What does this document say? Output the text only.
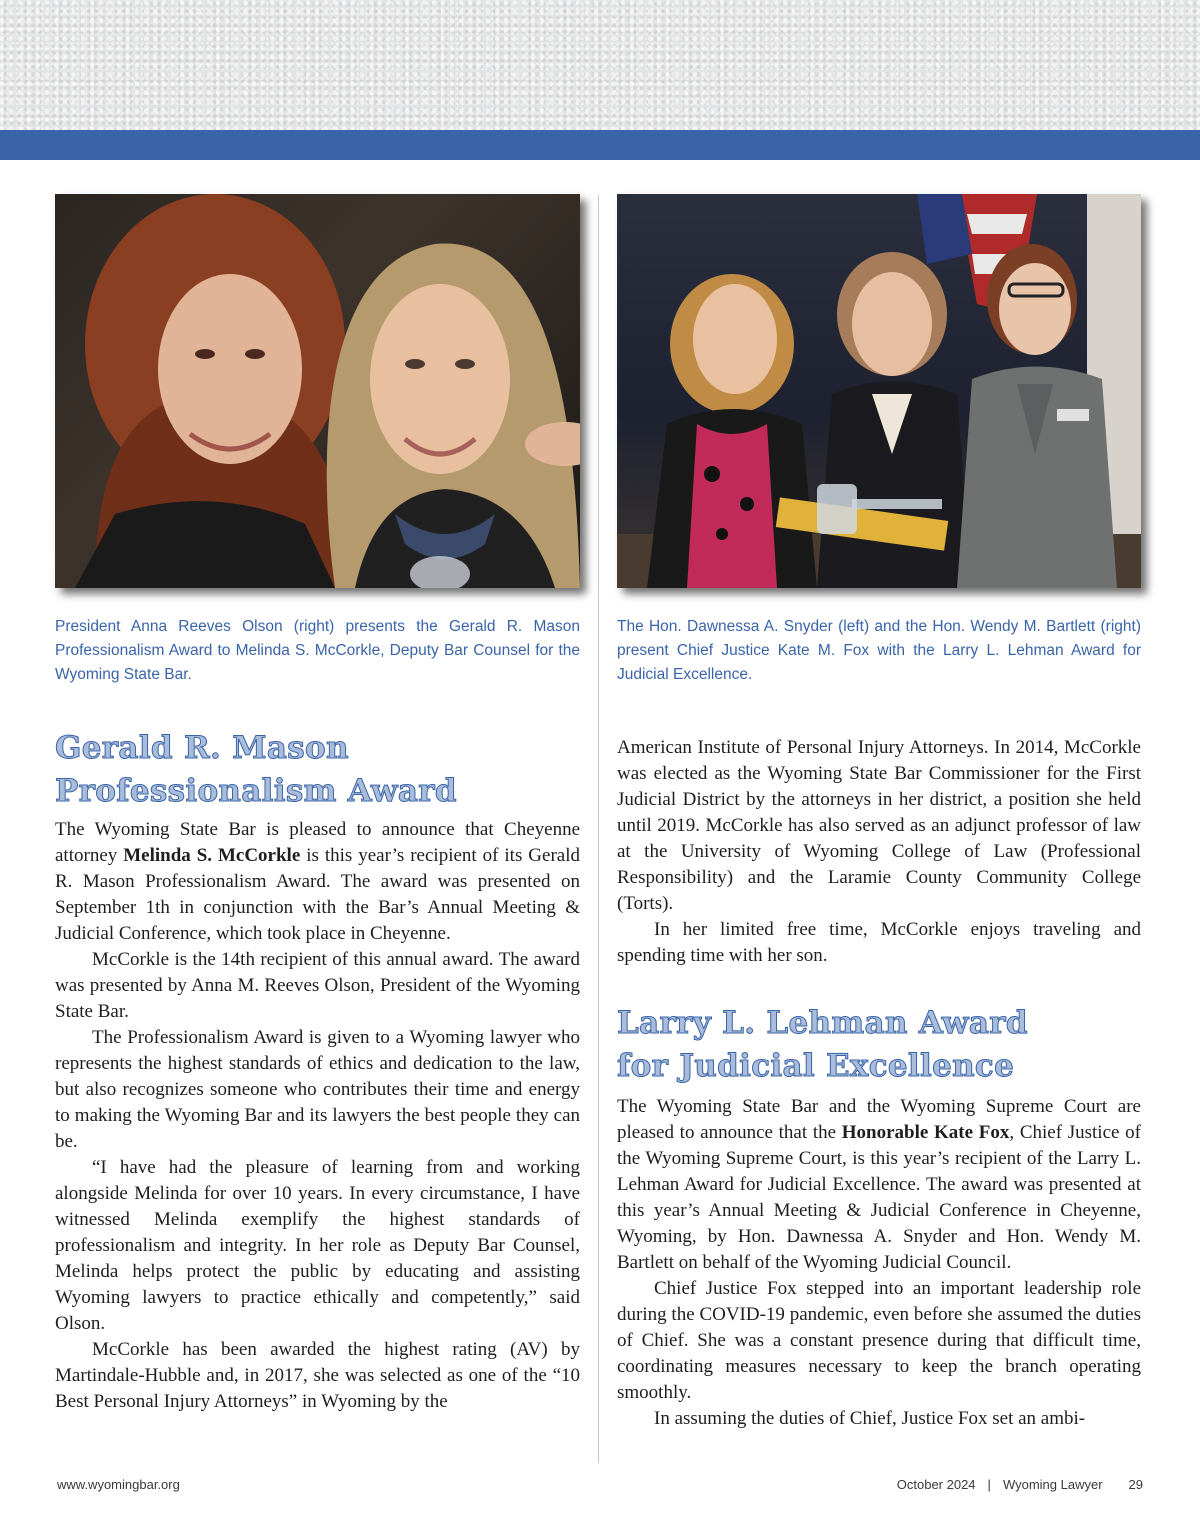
President Anna Reeves Olson (right) presents the Gerald R. Mason Professionalism Award to Melinda S. McCorkle, Deputy Bar Counsel for the Wyoming State Bar.

The Hon. Dawnessa A. Snyder (left) and the Hon. Wendy M. Bartlett (right) present Chief Justice Kate M. Fox with the Larry L. Lehman Award for Judicial Excellence.

Gerald R. Mason
Professionalism Award

The Wyoming State Bar is pleased to announce that Cheyenne attorney Melinda S. McCorkle is this year’s recipient of its Gerald R. Mason Professionalism Award. The award was presented on September 1th in conjunction with the Bar’s Annual Meeting & Judicial Conference, which took place in Cheyenne.

McCorkle is the 14th recipient of this annual award. The award was presented by Anna M. Reeves Olson, President of the Wyoming State Bar.

The Professionalism Award is given to a Wyoming lawyer who represents the highest standards of ethics and dedication to the law, but also recognizes someone who contributes their time and energy to making the Wyoming Bar and its lawyers the best people they can be.

“I have had the pleasure of learning from and working alongside Melinda for over 10 years. In every circumstance, I have witnessed Melinda exemplify the highest standards of professionalism and integrity. In her role as Deputy Bar Counsel, Melinda helps protect the public by educating and assisting Wyoming lawyers to practice ethically and competently,” said Olson.

McCorkle has been awarded the highest rating (AV) by Martindale-Hubble and, in 2017, she was selected as one of the “10 Best Personal Injury Attorneys” in Wyoming by the

American Institute of Personal Injury Attorneys. In 2014, McCorkle was elected as the Wyoming State Bar Commissioner for the First Judicial District by the attorneys in her district, a position she held until 2019. McCorkle has also served as an adjunct professor of law at the University of Wyoming College of Law (Professional Responsibility) and the Laramie County Community College (Torts).

In her limited free time, McCorkle enjoys traveling and spending time with her son.

Larry L. Lehman Award
for Judicial Excellence

The Wyoming State Bar and the Wyoming Supreme Court are pleased to announce that the Honorable Kate Fox, Chief Justice of the Wyoming Supreme Court, is this year’s recipient of the Larry L. Lehman Award for Judicial Excellence. The award was presented at this year’s Annual Meeting & Judicial Conference in Cheyenne, Wyoming, by Hon. Dawnessa A. Snyder and Hon. Wendy M. Bartlett on behalf of the Wyoming Judicial Council.

Chief Justice Fox stepped into an important leadership role during the COVID-19 pandemic, even before she assumed the duties of Chief. She was a constant presence during that difficult time, coordinating measures necessary to keep the branch operating smoothly.

In assuming the duties of Chief, Justice Fox set an ambi-

www.wyomingbar.org	October 2024 | Wyoming Lawyer 29
